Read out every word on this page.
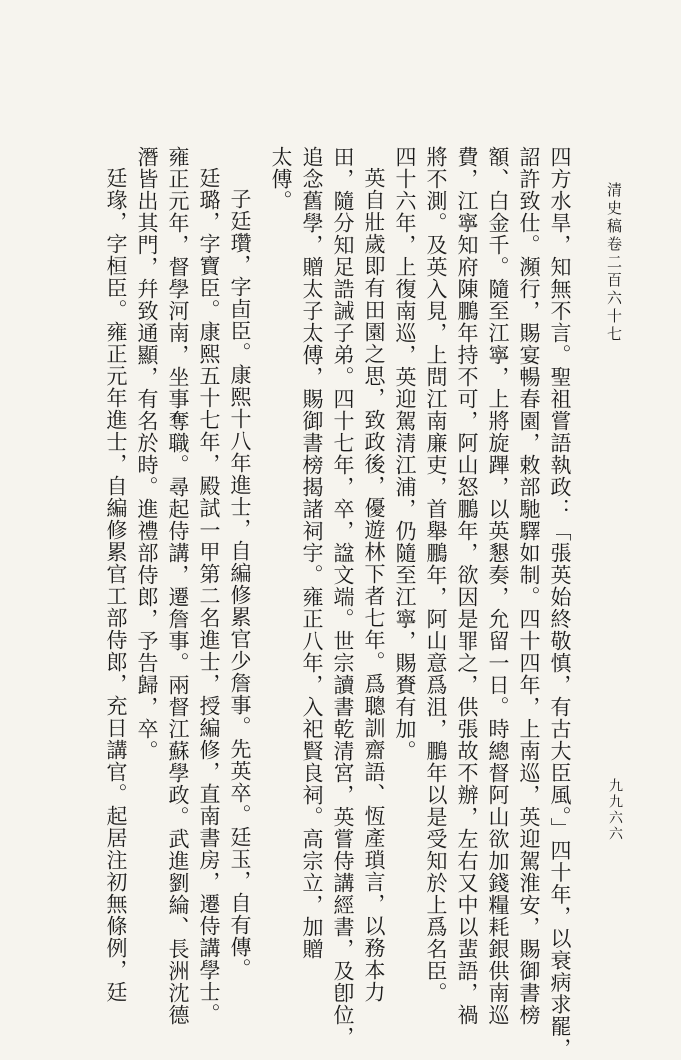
清史稿卷二百六十七
九九六六
四方水旱，知無不言。聖祖嘗語執政：「張英始終敬慎，有古大臣風。」四十年，以衰病求罷，
詔許致仕。瀕行，賜宴暢春園，敕部馳驛如制。四十四年，上南巡，英迎駕淮安，賜御書榜
額、白金千。隨至江寧，上將旋蹕，以英懇奏，允留一日。時總督阿山欲加錢糧耗銀供南巡
費，江寧知府陳鵬年持不可，阿山怒鵬年，欲因是罪之，供張故不辦，左右又中以蜚語，禍
將不測。及英入見，上問江南廉吏，首舉鵬年，阿山意爲沮，鵬年以是受知於上爲名臣。
四十六年，上復南巡，英迎駕清江浦，仍隨至江寧，賜賚有加。
英自壯歲即有田園之思，致政後，優遊林下者七年。爲聰訓齋語、恆產瑣言，以務本力
田，隨分知足誥誡子弟。四十七年，卒，諡文端。世宗讀書乾清宮，英嘗侍講經書，及卽位，
追念舊學，贈太子太傅，賜御書榜揭諸祠宇。雍正八年，入祀賢良祠。高宗立，加贈
太傅。
子廷瓚，字卣臣。康熙十八年進士，自編修累官少詹事。先英卒。廷玉，自有傳。
廷璐，字寶臣。康熙五十七年，殿試一甲第二名進士，授編修，直南書房，遷侍講學士。
雍正元年，督學河南，坐事奪職。尋起侍講，遷詹事。兩督江蘇學政。武進劉綸、長洲沈德
潛皆出其門，幷致通顯，有名於時。進禮部侍郎，予告歸，卒。
廷瑑，字桓臣。雍正元年進士，自編修累官工部侍郎，充日講官。起居注初無條例，廷
